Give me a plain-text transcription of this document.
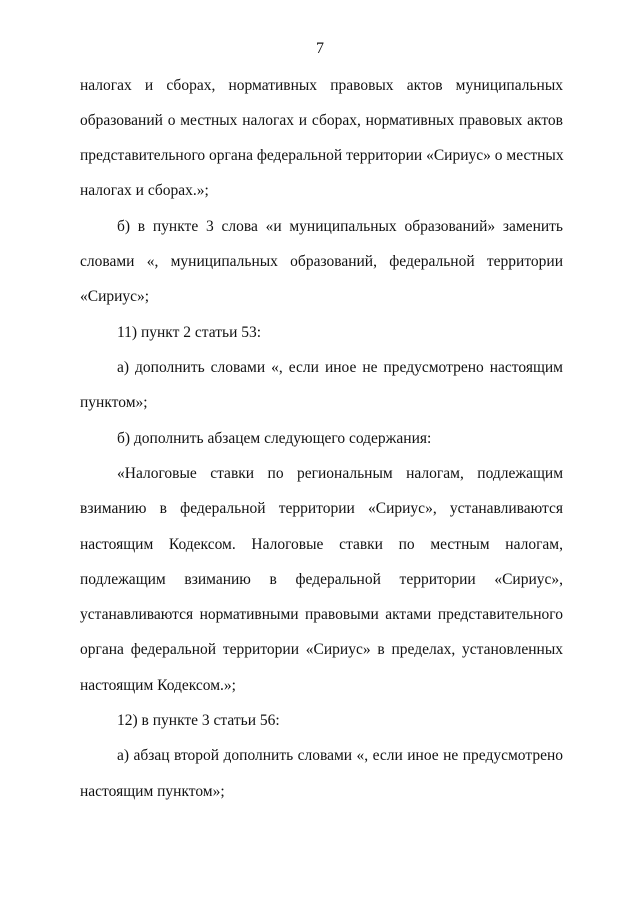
7
налогах и сборах, нормативных правовых актов муниципальных
образований о местных налогах и сборах, нормативных правовых актов
представительного органа федеральной территории «Сириус» о местных
налогах и сборах.»;
б) в пункте 3 слова «и муниципальных образований» заменить
словами «, муниципальных образований, федеральной территории
«Сириус»;
11) пункт 2 статьи 53:
а) дополнить словами «, если иное не предусмотрено настоящим
пунктом»;
б) дополнить абзацем следующего содержания:
«Налоговые ставки по региональным налогам, подлежащим
взиманию в федеральной территории «Сириус», устанавливаются
настоящим Кодексом. Налоговые ставки по местным налогам,
подлежащим взиманию в федеральной территории «Сириус»,
устанавливаются нормативными правовыми актами представительного
органа федеральной территории «Сириус» в пределах, установленных
настоящим Кодексом.»;
12) в пункте 3 статьи 56:
а) абзац второй дополнить словами «, если иное не предусмотрено
настоящим пунктом»;
